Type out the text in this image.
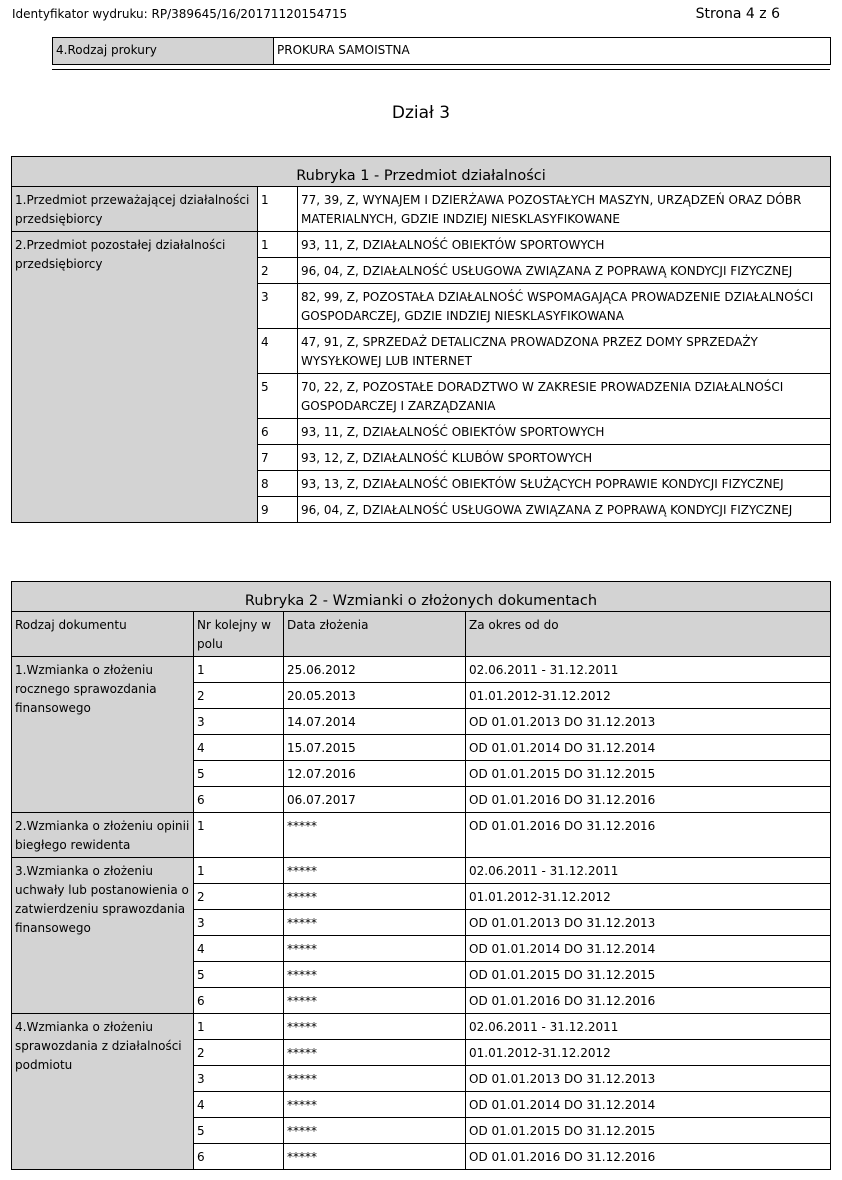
Identyfikator wydruku: RP/389645/16/20171120154715	Strona 4 z 6
4.Rodzaj prokury	PROKURA SAMOISTNA
Dział 3
Rubryka 1 - Przedmiot działalności		
1.Przedmiot przeważającej działalności przedsiębiorcy	1	77, 39, Z, WYNAJEM I DZIERŻAWA POZOSTAŁYCH MASZYN, URZĄDZEŃ ORAZ DÓBR MATERIALNYCH, GDZIE INDZIEJ NIESKLASYFIKOWANE
2.Przedmiot pozostałej działalności przedsiębiorcy	1	93, 11, Z, DZIAŁALNOŚĆ OBIEKTÓW SPORTOWYCH
	2	96, 04, Z, DZIAŁALNOŚĆ USŁUGOWA ZWIĄZANA Z POPRAWĄ KONDYCJI FIZYCZNEJ
	3	82, 99, Z, POZOSTAŁA DZIAŁALNOŚĆ WSPOMAGAJĄCA PROWADZENIE DZIAŁALNOŚCI GOSPODARCZEJ, GDZIE INDZIEJ NIESKLASYFIKOWANA
	4	47, 91, Z, SPRZEDAŻ DETALICZNA PROWADZONA PRZEZ DOMY SPRZEDAŻY WYSYŁKOWEJ LUB INTERNET
	5	70, 22, Z, POZOSTAŁE DORADZTWO W ZAKRESIE PROWADZENIA DZIAŁALNOŚCI GOSPODARCZEJ I ZARZĄDZANIA
	6	93, 11, Z, DZIAŁALNOŚĆ OBIEKTÓW SPORTOWYCH
	7	93, 12, Z, DZIAŁALNOŚĆ KLUBÓW SPORTOWYCH
	8	93, 13, Z, DZIAŁALNOŚĆ OBIEKTÓW SŁUŻĄCYCH POPRAWIE KONDYCJI FIZYCZNEJ
	9	96, 04, Z, DZIAŁALNOŚĆ USŁUGOWA ZWIĄZANA Z POPRAWĄ KONDYCJI FIZYCZNEJ
Rubryka 2 - Wzmianki o złożonych dokumentach			
Rodzaj dokumentu	Nr kolejny w polu	Data złożenia	Za okres od do
1.Wzmianka o złożeniu rocznego sprawozdania finansowego	1	25.06.2012	02.06.2011 - 31.12.2011
	2	20.05.2013	01.01.2012-31.12.2012
	3	14.07.2014	OD 01.01.2013 DO 31.12.2013
	4	15.07.2015	OD 01.01.2014 DO 31.12.2014
	5	12.07.2016	OD 01.01.2015 DO 31.12.2015
	6	06.07.2017	OD 01.01.2016 DO 31.12.2016
2.Wzmianka o złożeniu opinii biegłego rewidenta	1	*****	OD 01.01.2016 DO 31.12.2016
3.Wzmianka o złożeniu uchwały lub postanowienia o zatwierdzeniu sprawozdania finansowego	1	*****	02.06.2011 - 31.12.2011
	2	*****	01.01.2012-31.12.2012
	3	*****	OD 01.01.2013 DO 31.12.2013
	4	*****	OD 01.01.2014 DO 31.12.2014
	5	*****	OD 01.01.2015 DO 31.12.2015
	6	*****	OD 01.01.2016 DO 31.12.2016
4.Wzmianka o złożeniu sprawozdania z działalności podmiotu	1	*****	02.06.2011 - 31.12.2011
	2	*****	01.01.2012-31.12.2012
	3	*****	OD 01.01.2013 DO 31.12.2013
	4	*****	OD 01.01.2014 DO 31.12.2014
	5	*****	OD 01.01.2015 DO 31.12.2015
	6	*****	OD 01.01.2016 DO 31.12.2016
